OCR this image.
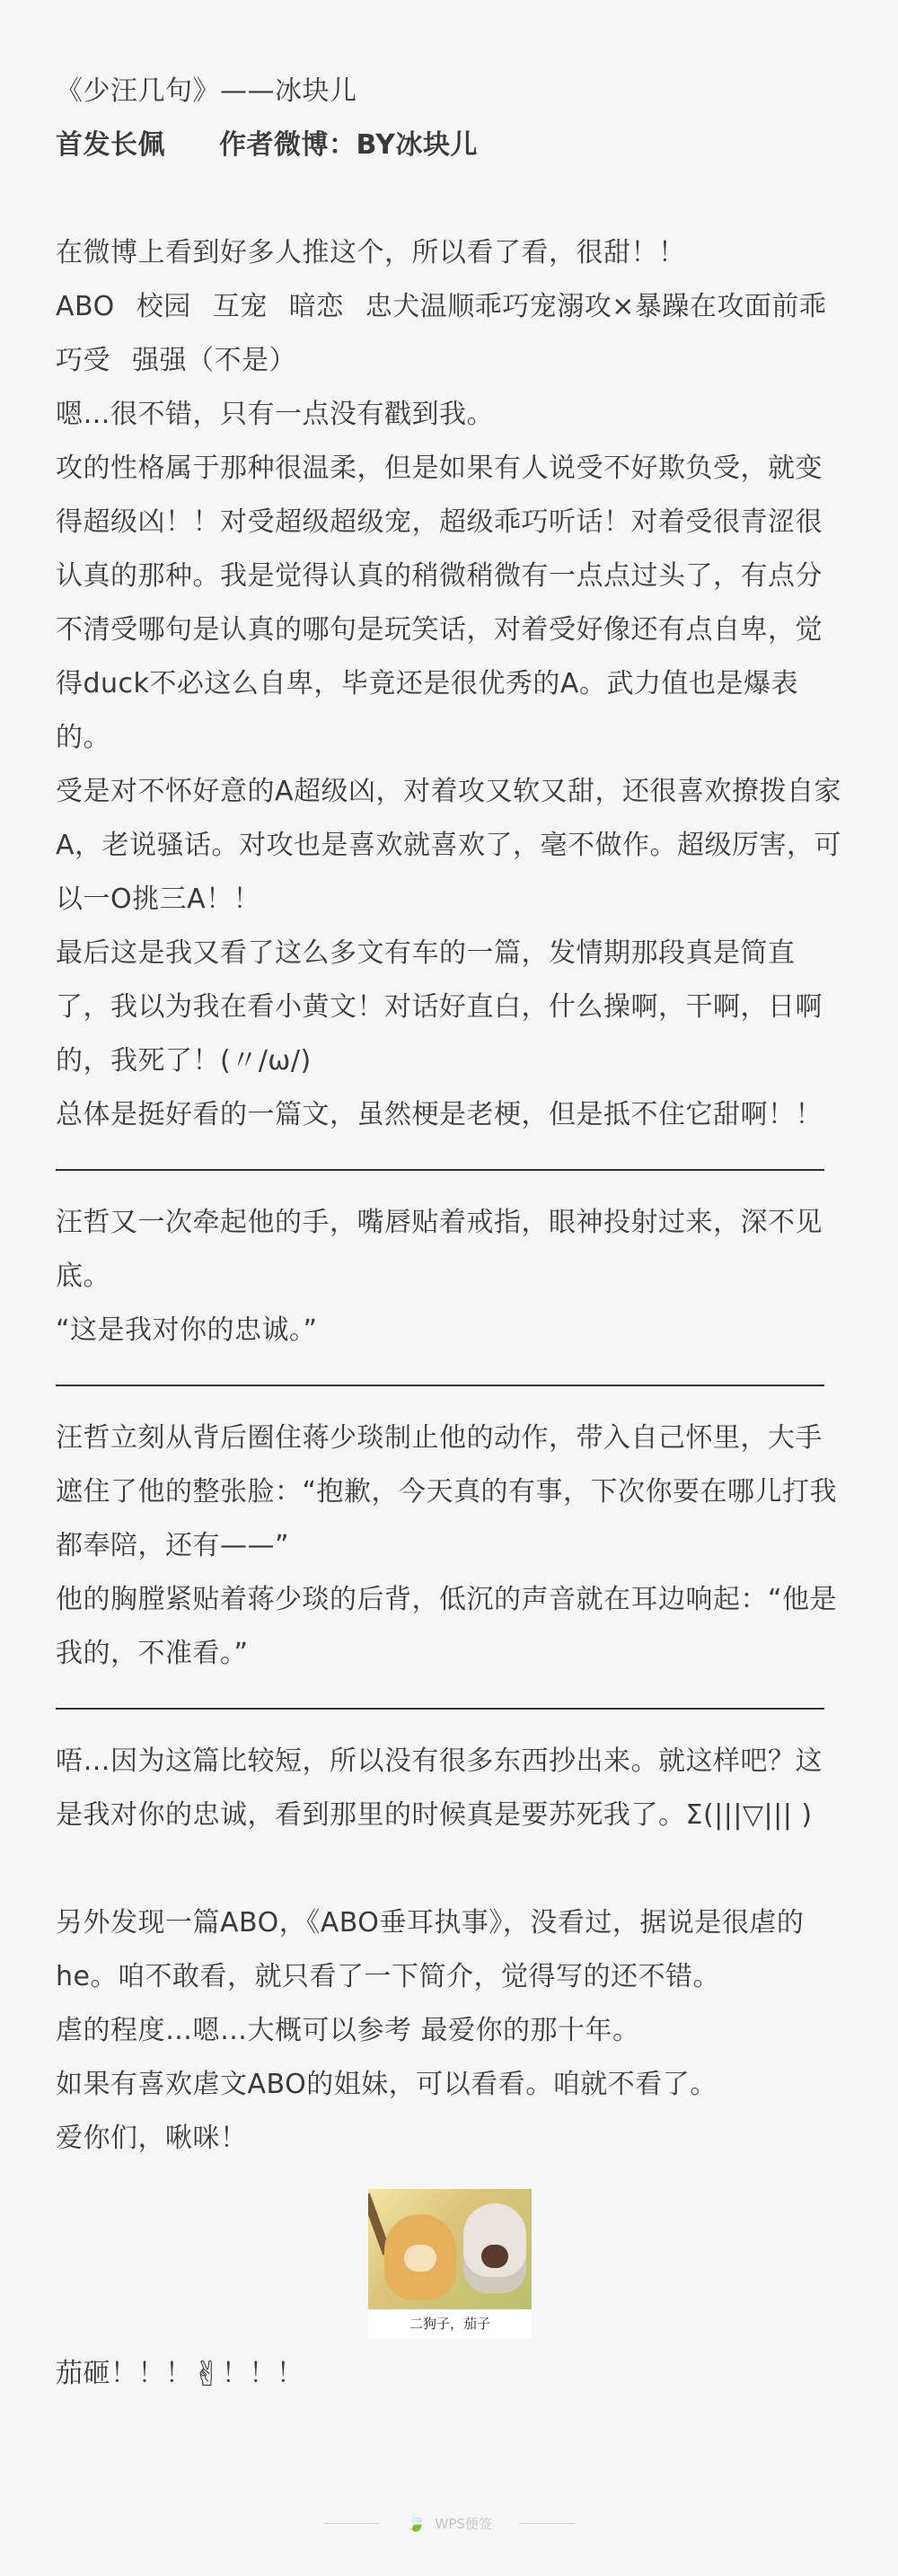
《少汪几句》——冰块儿

首发长佩 作者微博：BY冰块儿

在微博上看到好多人推这个，所以看了看，很甜！！

ABO 校园 互宠 暗恋 忠犬温顺乖巧宠溺攻×暴躁在攻面前乖巧受 强强（不是）

嗯…很不错，只有一点没有戳到我。

攻的性格属于那种很温柔，但是如果有人说受不好欺负受，就变得超级凶！！对受超级超级宠，超级乖巧听话！对着受很青涩很认真的那种。我是觉得认真的稍微稍微有一点点过头了，有点分不清受哪句是认真的哪句是玩笑话，对着受好像还有点自卑，觉得duck不必这么自卑，毕竟还是很优秀的A。武力值也是爆表的。

受是对不怀好意的A超级凶，对着攻又软又甜，还很喜欢撩拨自家A，老说骚话。对攻也是喜欢就喜欢了，毫不做作。超级厉害，可以一O挑三A！！

最后这是我又看了这么多文有车的一篇，发情期那段真是简直了，我以为我在看小黄文！对话好直白，什么操啊，干啊，日啊的，我死了！(〃/ω/)

总体是挺好看的一篇文，虽然梗是老梗，但是抵不住它甜啊！！

汪哲又一次牵起他的手，嘴唇贴着戒指，眼神投射过来，深不见底。

“这是我对你的忠诚。”

汪哲立刻从背后圈住蒋少琰制止他的动作，带入自己怀里，大手遮住了他的整张脸：“抱歉，今天真的有事，下次你要在哪儿打我都奉陪，还有——”

他的胸膛紧贴着蒋少琰的后背，低沉的声音就在耳边响起：“他是我的，不准看。”

唔…因为这篇比较短，所以没有很多东西抄出来。就这样吧？这是我对你的忠诚，看到那里的时候真是要苏死我了。Σ(|||▽||| )

另外发现一篇ABO，《ABO垂耳执事》，没看过，据说是很虐的he。咱不敢看，就只看了一下简介，觉得写的还不错。

虐的程度…嗯…大概可以参考 最爱你的那十年。

如果有喜欢虐文ABO的姐妹，可以看看。咱就不看了。

爱你们，啾咪！

二狗子，茄子

茄砸！！！✌！！！

🍃 WPS便签
